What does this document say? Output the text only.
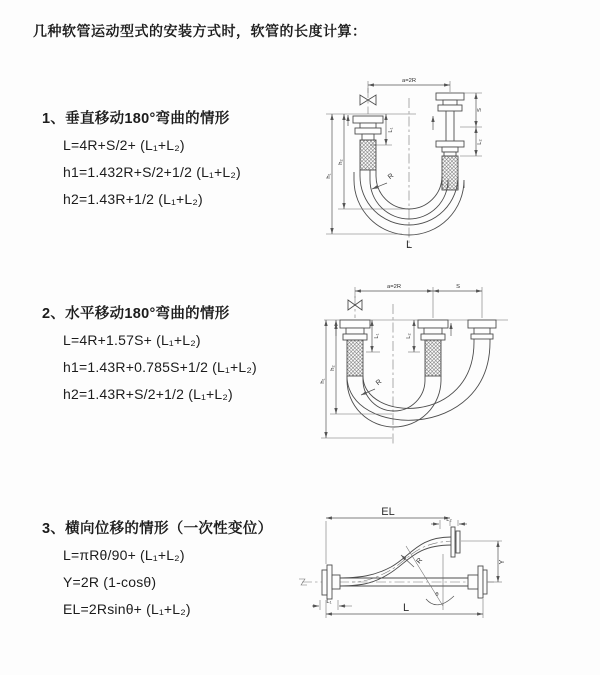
几种软管运动型式的安装方式时，软管的长度计算：
1、垂直移动180°弯曲的情形
L=4R+S/2+ (L₁+L₂)
h1=1.432R+S/2+1/2 (L₁+L₂)
h2=1.43R+1/2 (L₁+L₂)
2、水平移动180°弯曲的情形
L=4R+1.57S+ (L₁+L₂)
h1=1.43R+0.785S+1/2 (L₁+L₂)
h2=1.43R+S/2+1/2 (L₁+L₂)
3、横向位移的情形（一次性变位）
L=πRθ/90+ (L₁+L₂)
Y=2R (1-cosθ)
EL=2Rsinθ+ (L₁+L₂)
a=2R
L₁
S
L₂
h₂
h₁	R
L
a=2R	S
L₁	L₂
h₂
h₁	R
EL
L₂
Y
L
L₁
R
θ
